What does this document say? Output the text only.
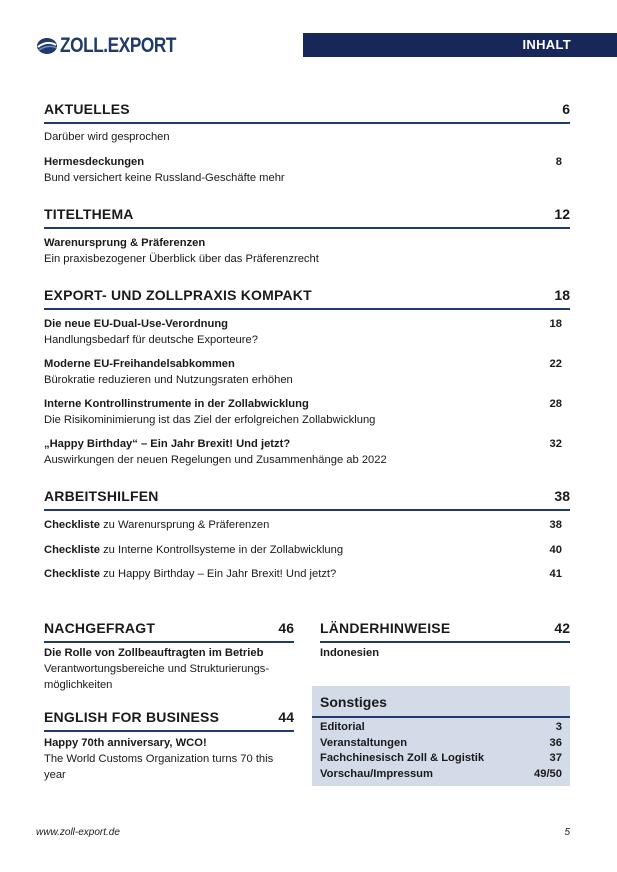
ZOLL.EXPORT	INHALT
AKTUELLES	6
Darüber wird gesprochen
Hermesdeckungen	8
Bund versichert keine Russland-Geschäfte mehr
TITELTHEMA	12
Warenursprung & Präferenzen
Ein praxisbezogener Überblick über das Präferenzrecht
EXPORT- UND ZOLLPRAXIS KOMPAKT	18
Die neue EU-Dual-Use-Verordnung	18
Handlungsbedarf für deutsche Exporteure?
Moderne EU-Freihandelsabkommen	22
Bürokratie reduzieren und Nutzungsraten erhöhen
Interne Kontrollinstrumente in der Zollabwicklung	28
Die Risikominimierung ist das Ziel der erfolgreichen Zollabwicklung
„Happy Birthday“ – Ein Jahr Brexit! Und jetzt?	32
Auswirkungen der neuen Regelungen und Zusammenhänge ab 2022
ARBEITSHILFEN	38
Checkliste zu Warenursprung & Präferenzen	38
Checkliste zu Interne Kontrollsysteme in der Zollabwicklung	40
Checkliste zu Happy Birthday – Ein Jahr Brexit! Und jetzt?	41
NACHGEFRAGT	46
Die Rolle von Zollbeauftragten im Betrieb
Verantwortungsbereiche und Strukturierungs-
möglichkeiten
ENGLISH FOR BUSINESS	44
Happy 70th anniversary, WCO!
The World Customs Organization turns 70 this
year
LÄNDERHINWEISE	42
Indonesien
Sonstiges
Editorial	3
Veranstaltungen	36
Fachchinesisch Zoll & Logistik	37
Vorschau/Impressum	49/50
www.zoll-export.de	5
